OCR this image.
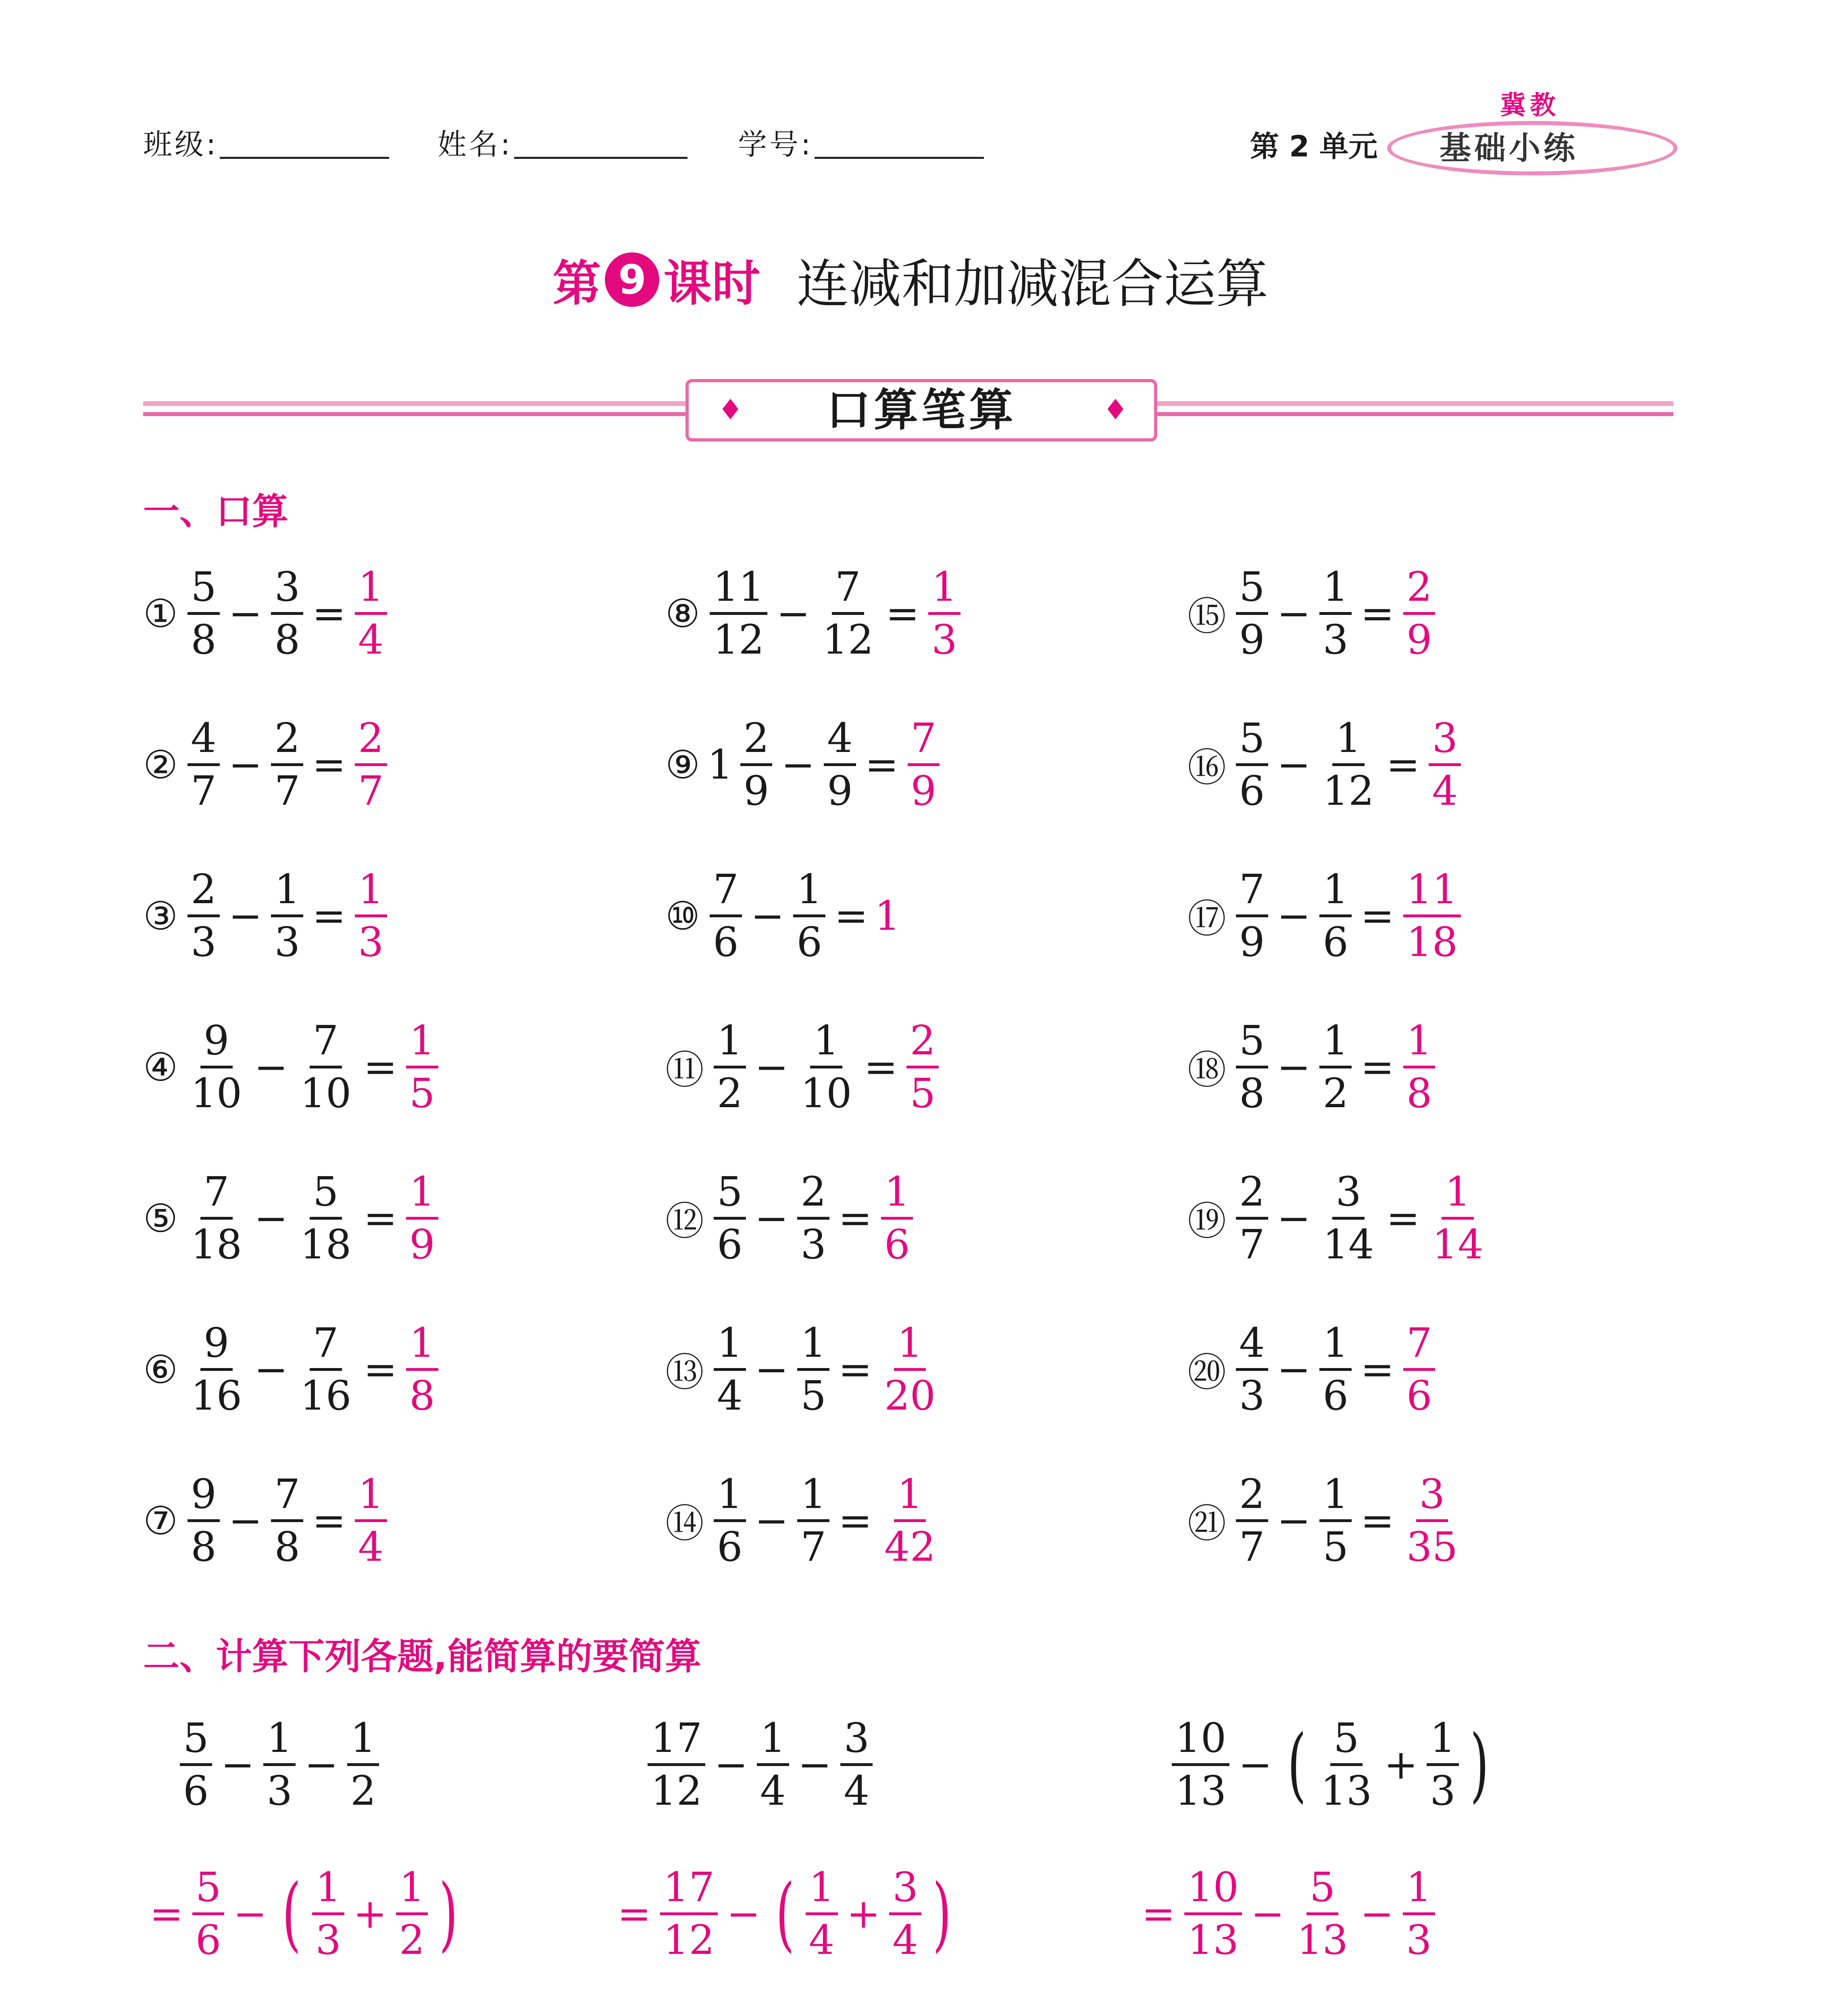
班级:	姓名:	学号:	第 2 单元
冀教
基础小练
第 9 课时 连减和加减混合运算
口算笔算
♦	♦
一、口算
二、计算下列各题,能简算的要简算
① $\frac{5}{8} - \frac{3}{8} = \frac{1}{4}$
② $\frac{4}{7} - \frac{2}{7} = \frac{2}{7}$
③ $\frac{2}{3} - \frac{1}{3} = \frac{1}{3}$
④ $\frac{9}{10} - \frac{7}{10} = \frac{1}{5}$
⑤ $\frac{7}{18} - \frac{5}{18} = \frac{1}{9}$
⑥ $\frac{9}{16} - \frac{7}{16} = \frac{1}{8}$
⑦ $\frac{9}{8} - \frac{7}{8} = \frac{1}{4}$
⑧ $\frac{11}{12} - \frac{7}{12} = \frac{1}{3}$
⑨ $1 \frac{2}{9} - \frac{4}{9} = \frac{7}{9}$
⑩ $\frac{7}{6} - \frac{1}{6} = 1$
⑪ $\frac{1}{2} - \frac{1}{10} = \frac{2}{5}$
⑫ $\frac{5}{6} - \frac{2}{3} = \frac{1}{6}$
⑬ $\frac{1}{4} - \frac{1}{5} = \frac{1}{20}$
⑭ $\frac{1}{6} - \frac{1}{7} = \frac{1}{42}$
⑮ $\frac{5}{9} - \frac{1}{3} = \frac{2}{9}$
⑯ $\frac{5}{6} - \frac{1}{12} = \frac{3}{4}$
⑰ $\frac{7}{9} - \frac{1}{6} = \frac{11}{18}$
⑱ $\frac{5}{8} - \frac{1}{2} = \frac{1}{8}$
⑲ $\frac{2}{7} - \frac{3}{14} = \frac{1}{14}$
⑳ $\frac{4}{3} - \frac{1}{6} = \frac{7}{6}$
㉑ $\frac{2}{7} - \frac{1}{5} = \frac{3}{35}$
$\frac{5}{6} - \frac{1}{3} - \frac{1}{2}$
= $\frac{5}{6}$ − ( $\frac{1}{3} + \frac{1}{2}$ )
$\frac{17}{12} - \frac{1}{4} - \frac{3}{4}$
= $\frac{17}{12}$ − ( $\frac{1}{4} + \frac{3}{4}$ )
$\frac{10}{13}$ − ( $\frac{5}{13} + \frac{1}{3}$ )
= $\frac{10}{13} - \frac{5}{13} - \frac{1}{3}$
